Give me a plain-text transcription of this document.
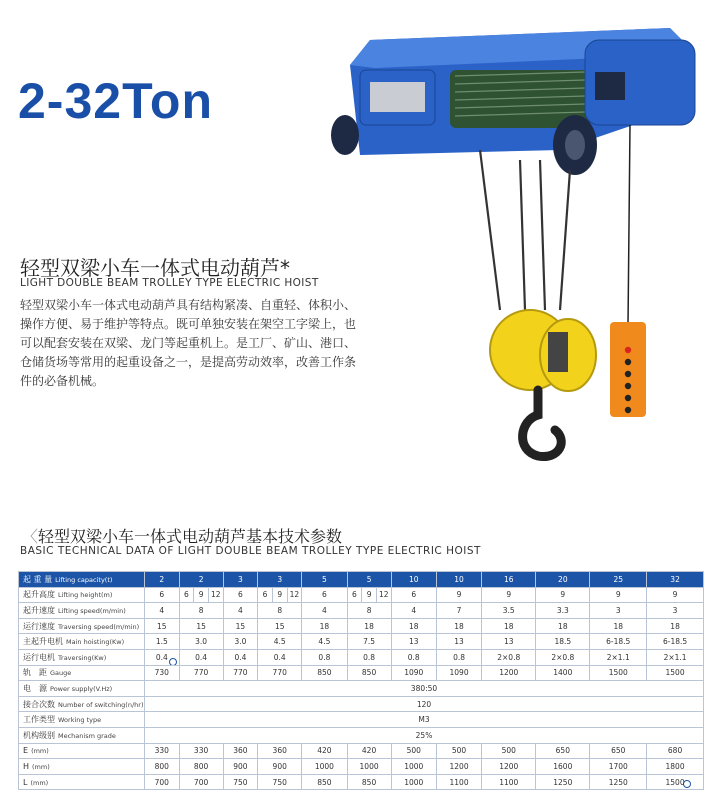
2-32Ton
轻型双梁小车一体式电动葫芦*
LIGHT DOUBLE BEAM TROLLEY TYPE ELECTRIC HOIST
轻型双梁小车一体式电动葫芦具有结构紧凑、自重轻、体积小、操作方便、易于维护等特点。既可单独安装在架空工字梁上，也可以配套安装在双梁、龙门等起重机上。是工厂、矿山、港口、仓储货场等常用的起重设备之一，是提高劳动效率，改善工作条件的必备机械。
〈轻型双梁小车一体式电动葫芦基本技术参数
BASIC TECHNICAL DATA OF LIGHT DOUBLE BEAM TROLLEY TYPE ELECTRIC HOIST
起 重 量 Lifting capacity(t)	2	2			3	3			5	5			10	10	16	20	25	32
起升高度 Lifting height(m)	6	6	9	12	6	6	9	12	6	6	9	12	6	9	9	9	9	9
起升速度 Lifting speed(m/min)	4	8			4	8			4	8			4	7	3.5	3.3	3	3
运行速度 Traversing speed(m/min)	15	15			15	15			18	18			18	18	18	18	18	18
主起升电机 Main hoisting(Kw)	1.5	3.0			3.0	4.5			4.5	7.5			13	13	13	18.5	6-18.5	6-18.5
运行电机 Traversing(Kw)	0.4	0.4			0.4	0.4			0.8	0.8			0.8	0.8	2×0.8	2×0.8	2×1.1	2×1.1
轨　距 Gauge	730	770			770	770			850	850			1090	1090	1200	1400	1500	1500
电　源 Power supply(V.Hz)	380:50																	
接合次数 Number of switching(n/hr)	120																	
工作类型 Working type	M3																	
机构级别 Mechanism grade	25%																	
E (mm)	330	330			360	360			420	420			500	500	500	650	650	680
H (mm)	800	800			900	900			1000	1000			1000	1200	1200	1600	1700	1800
L (mm)	700	700			750	750			850	850			1000	1100	1100	1250	1250	1500
